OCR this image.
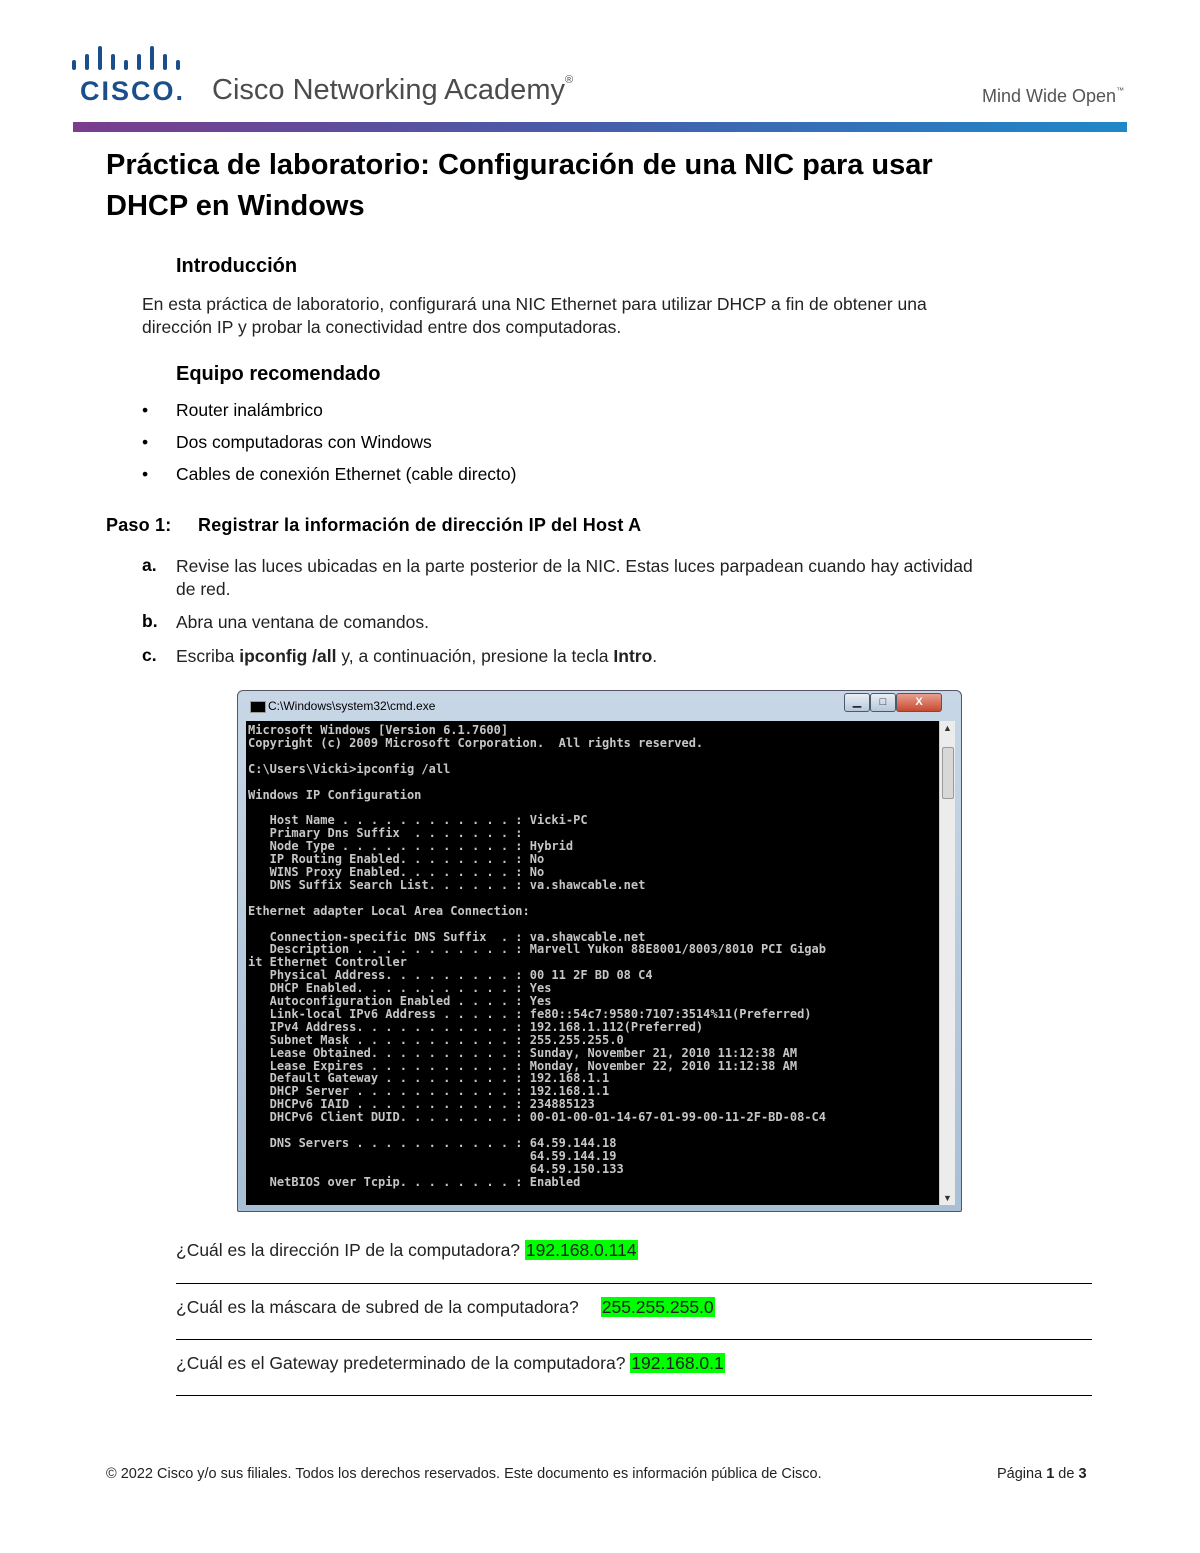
CISCO. Cisco Networking Academy®
Mind Wide Open™
Práctica de laboratorio: Configuración de una NIC para usar
DHCP en Windows
Introducción
En esta práctica de laboratorio, configurará una NIC Ethernet para utilizar DHCP a fin de obtener una
dirección IP y probar la conectividad entre dos computadoras.
Equipo recomendado
• Router inalámbrico
• Dos computadoras con Windows
• Cables de conexión Ethernet (cable directo)
Paso 1: Registrar la información de dirección IP del Host A
a. Revise las luces ubicadas en la parte posterior de la NIC. Estas luces parpadean cuando hay actividad
de red.
b. Abra una ventana de comandos.
c. Escriba ipconfig /all y, a continuación, presione la tecla Intro.
C:\Windows\system32\cmd.exe	▁	□	X
Microsoft Windows [Version 6.1.7600]
Copyright (c) 2009 Microsoft Corporation.  All rights reserved.

C:\Users\Vicki>ipconfig /all

Windows IP Configuration

Host Name . . . . . . . . . . . . : Vicki-PC
Primary Dns Suffix  . . . . . . . :
Node Type . . . . . . . . . . . . : Hybrid
IP Routing Enabled. . . . . . . . : No
WINS Proxy Enabled. . . . . . . . : No
DNS Suffix Search List. . . . . . : va.shawcable.net

Ethernet adapter Local Area Connection:

Connection-specific DNS Suffix  . : va.shawcable.net
Description . . . . . . . . . . . : Marvell Yukon 88E8001/8003/8010 PCI Gigab
it Ethernet Controller
Physical Address. . . . . . . . . : 00 11 2F BD 08 C4
DHCP Enabled. . . . . . . . . . . : Yes
Autoconfiguration Enabled . . . . : Yes
Link-local IPv6 Address . . . . . : fe80::54c7:9580:7107:3514%11(Preferred)
IPv4 Address. . . . . . . . . . . : 192.168.1.112(Preferred)
Subnet Mask . . . . . . . . . . . : 255.255.255.0
Lease Obtained. . . . . . . . . . : Sunday, November 21, 2010 11:12:38 AM
Lease Expires . . . . . . . . . . : Monday, November 22, 2010 11:12:38 AM
Default Gateway . . . . . . . . . : 192.168.1.1
DHCP Server . . . . . . . . . . . : 192.168.1.1
DHCPv6 IAID . . . . . . . . . . . : 234885123
DHCPv6 Client DUID. . . . . . . . : 00-01-00-01-14-67-01-99-00-11-2F-BD-08-C4

DNS Servers . . . . . . . . . . . : 64.59.144.18
64.59.144.19
64.59.150.133
NetBIOS over Tcpip. . . . . . . . : Enabled
▲
▼
¿Cuál es la dirección IP de la computadora? 192.168.0.114
¿Cuál es la máscara de subred de la computadora? 255.255.255.0
¿Cuál es el Gateway predeterminado de la computadora? 192.168.0.1
© 2022 Cisco y/o sus filiales. Todos los derechos reservados. Este documento es información pública de Cisco.	Página 1 de 3
